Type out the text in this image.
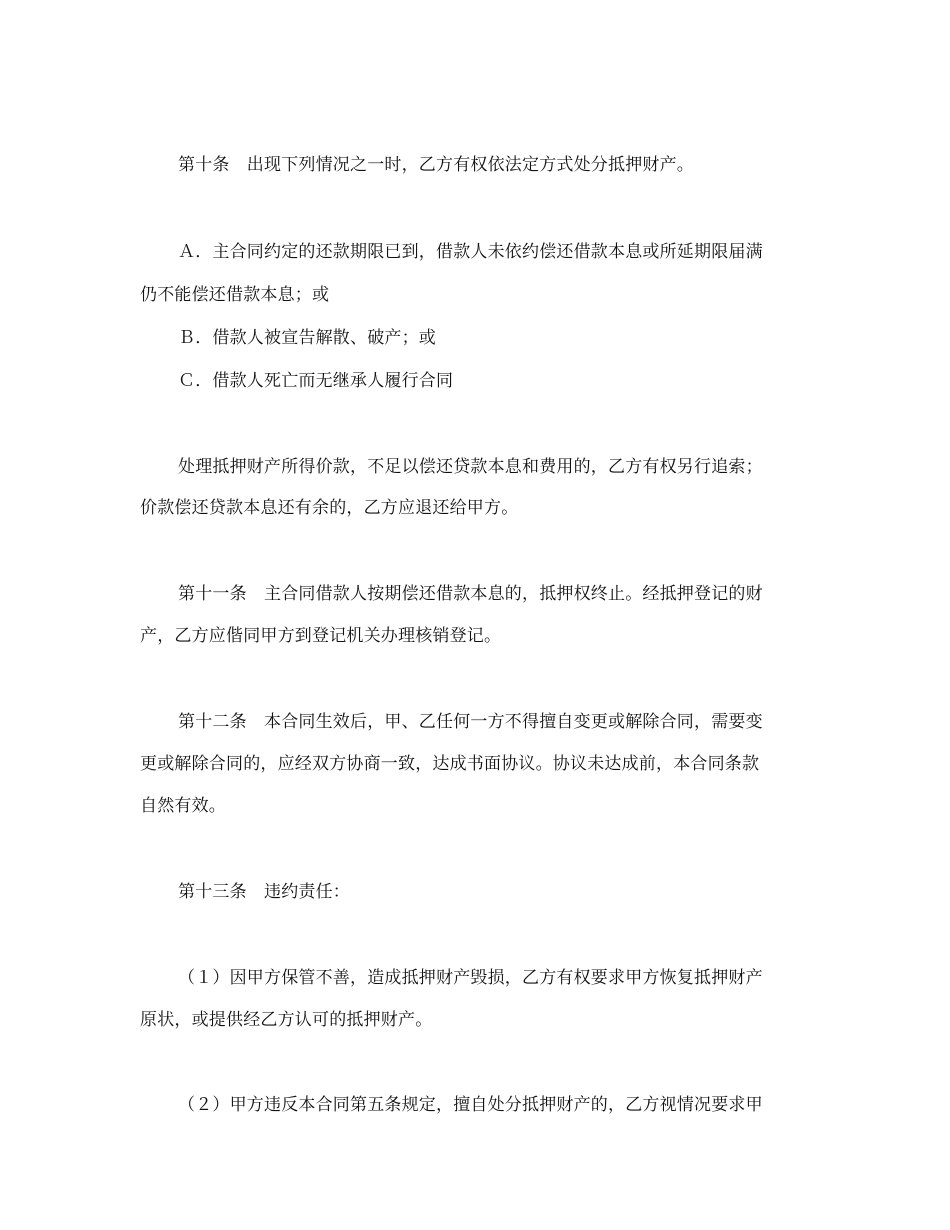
第十条　出现下列情况之一时，乙方有权依法定方式处分抵押财产。
Ａ．主合同约定的还款期限已到，借款人未依约偿还借款本息或所延期限届满
仍不能偿还借款本息；或
Ｂ．借款人被宣告解散、破产；或
Ｃ．借款人死亡而无继承人履行合同
处理抵押财产所得价款，不足以偿还贷款本息和费用的，乙方有权另行追索；
价款偿还贷款本息还有余的，乙方应退还给甲方。
第十一条　主合同借款人按期偿还借款本息的，抵押权终止。经抵押登记的财
产，乙方应偕同甲方到登记机关办理核销登记。
第十二条　本合同生效后，甲、乙任何一方不得擅自变更或解除合同，需要变
更或解除合同的，应经双方协商一致，达成书面协议。协议未达成前，本合同条款
自然有效。
第十三条　违约责任：
（１）因甲方保管不善，造成抵押财产毁损，乙方有权要求甲方恢复抵押财产
原状，或提供经乙方认可的抵押财产。
（２）甲方违反本合同第五条规定，擅自处分抵押财产的，乙方视情况要求甲
